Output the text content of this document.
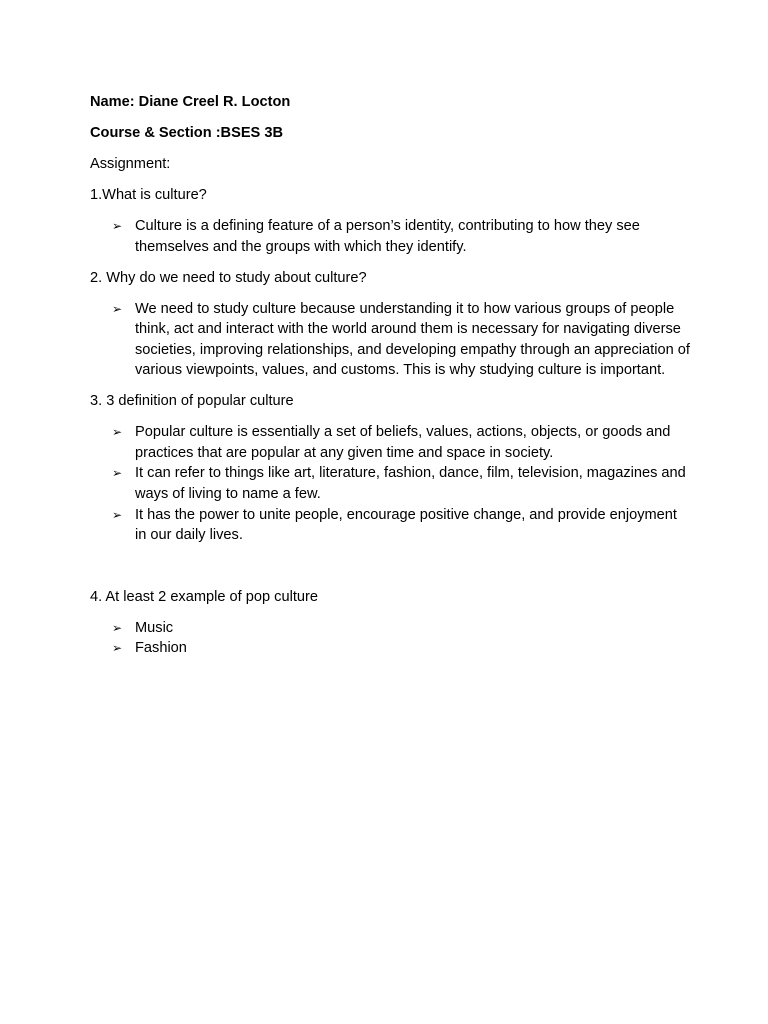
Name: Diane Creel R. Locton

Course & Section :BSES 3B

Assignment:

1.What is culture?

➢ Culture is a defining feature of a person’s identity, contributing to how they see themselves and the groups with which they identify.

2. Why do we need to study about culture?

➢ We need to study culture because understanding it to how various groups of people think, act and interact with the world around them is necessary for navigating diverse societies, improving relationships, and developing empathy through an appreciation of various viewpoints, values, and customs. This is why studying culture is important.

3. 3 definition of popular culture

➢ Popular culture is essentially a set of beliefs, values, actions, objects, or goods and practices that are popular at any given time and space in society.
➢ It can refer to things like art, literature, fashion, dance, film, television, magazines and ways of living to name a few.
➢ It has the power to unite people, encourage positive change, and provide enjoyment in our daily lives.

4. At least 2 example of pop culture

➢ Music
➢ Fashion
